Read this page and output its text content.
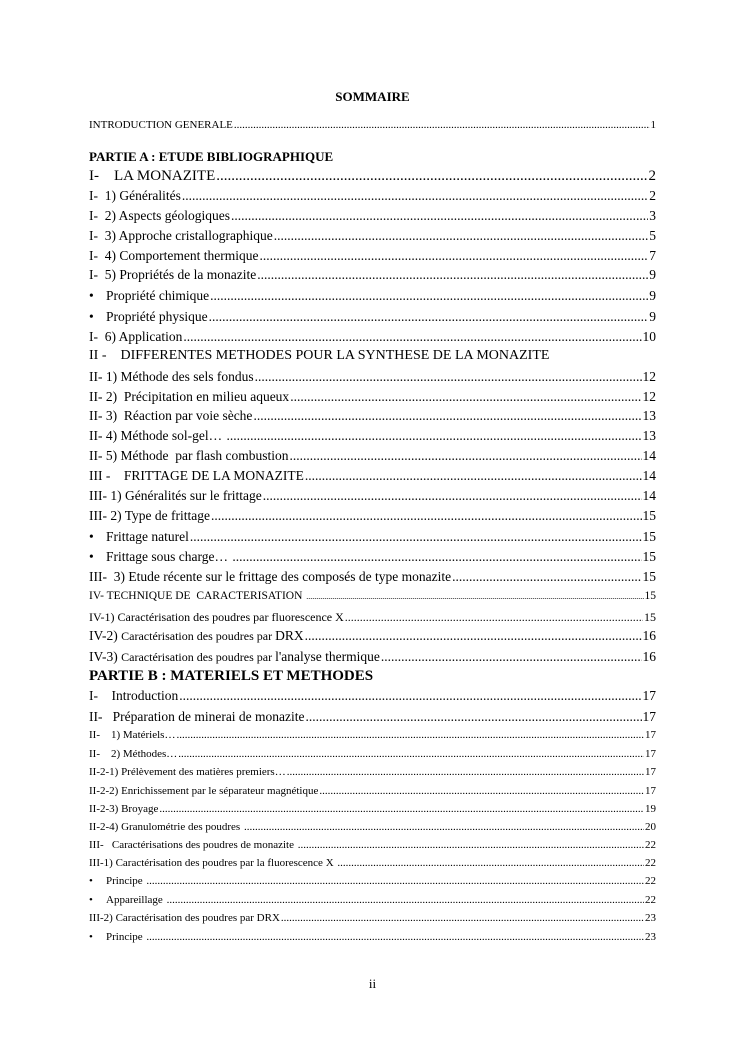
SOMMAIRE
INTRODUCTION GENERALE .....	1
PARTIE A : ETUDE BIBLIOGRAPHIQUE
I-    LA MONAZITE .....	2
I-  1) Généralités .....	2
I-  2) Aspects géologiques .....	3
I-  3) Approche cristallographique .....	5
I-  4) Comportement thermique .....	7
I-  5) Propriétés de la monazite .....	9
• Propriété chimique .....	9
• Propriété physique .....	9
I-  6) Application .....	10
II -    DIFFERENTES METHODES POUR LA SYNTHESE DE LA MONAZITE
II- 1) Méthode des sels fondus .....	12
II- 2)  Précipitation en milieu aqueux .....	12
II- 3)  Réaction par voie sèche .....	13
II- 4) Méthode sol-gel… .....	13
II- 5) Méthode  par flash combustion .....	14
III -    FRITTAGE DE LA MONAZITE .....	14
III- 1) Généralités sur le frittage .....	14
III- 2) Type de frittage .....	15
• Frittage naturel .....	15
• Frittage sous charge… .....	15
III-  3) Etude récente sur le frittage des composés de type monazite .....	15
IV- TECHNIQUE DE  CARACTERISATION .....	15
IV-1) Caractérisation des poudres par fluorescence X .....	15
IV-2) Caractérisation des poudres par DRX .....	16
IV-3) Caractérisation des poudres par l'analyse thermique .....	16
PARTIE B : MATERIELS ET METHODES
I-    Introduction .....	17
II-   Préparation de minerai de monazite .....	17
II-    1) Matériels… .....	17
II-    2) Méthodes… .....	17
II-2-1) Prélèvement des matières premiers… .....	17
II-2-2) Enrichissement par le séparateur magnétique .....	17
II-2-3) Broyage .....	19
II-2-4) Granulométrie des poudres .....	20
III-   Caractérisations des poudres de monazite .....	22
III-1) Caractérisation des poudres par la fluorescence X .....	22
•	Principe .....	22
•	Appareillage .....	22
III-2) Caractérisation des poudres par DRX .....	23
•	Principe .....	23
ii
